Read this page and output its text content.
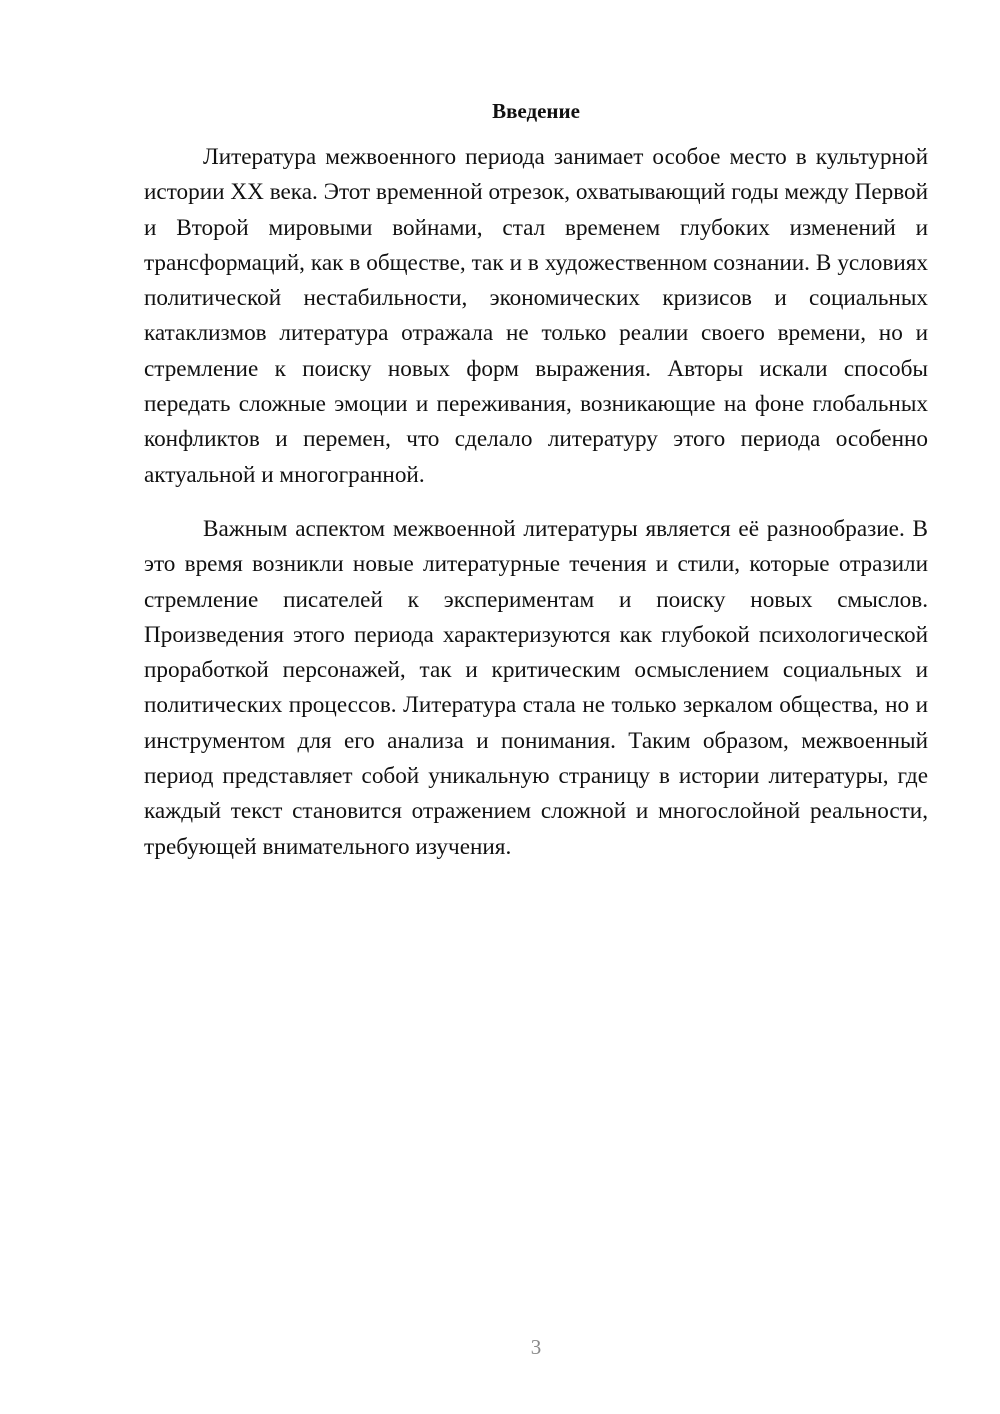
Введение

Литература межвоенного периода занимает особое место в культурной истории XX века. Этот временной отрезок, охватывающий годы между Первой и Второй мировыми войнами, стал временем глубоких изменений и трансформаций, как в обществе, так и в художественном сознании. В условиях политической нестабильности, экономических кризисов и социальных катаклизмов литература отражала не только реалии своего времени, но и стремление к поиску новых форм выражения. Авторы искали способы передать сложные эмоции и переживания, возникающие на фоне глобальных конфликтов и перемен, что сделало литературу этого периода особенно актуальной и многогранной.

Важным аспектом межвоенной литературы является её разнообразие. В это время возникли новые литературные течения и стили, которые отразили стремление писателей к экспериментам и поиску новых смыслов. Произведения этого периода характеризуются как глубокой психологической проработкой персонажей, так и критическим осмыслением социальных и политических процессов. Литература стала не только зеркалом общества, но и инструментом для его анализа и понимания. Таким образом, межвоенный период представляет собой уникальную страницу в истории литературы, где каждый текст становится отражением сложной и многослойной реальности, требующей внимательного изучения.

3
